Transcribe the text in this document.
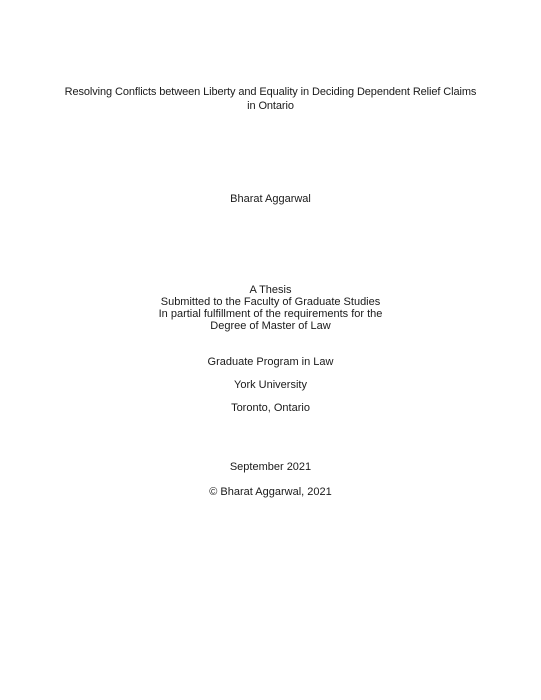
Resolving Conflicts between Liberty and Equality in Deciding Dependent Relief Claims
in Ontario
Bharat Aggarwal
A Thesis
Submitted to the Faculty of Graduate Studies
In partial fulfillment of the requirements for the
Degree of Master of Law
Graduate Program in Law
York University
Toronto, Ontario
September 2021
© Bharat Aggarwal, 2021
